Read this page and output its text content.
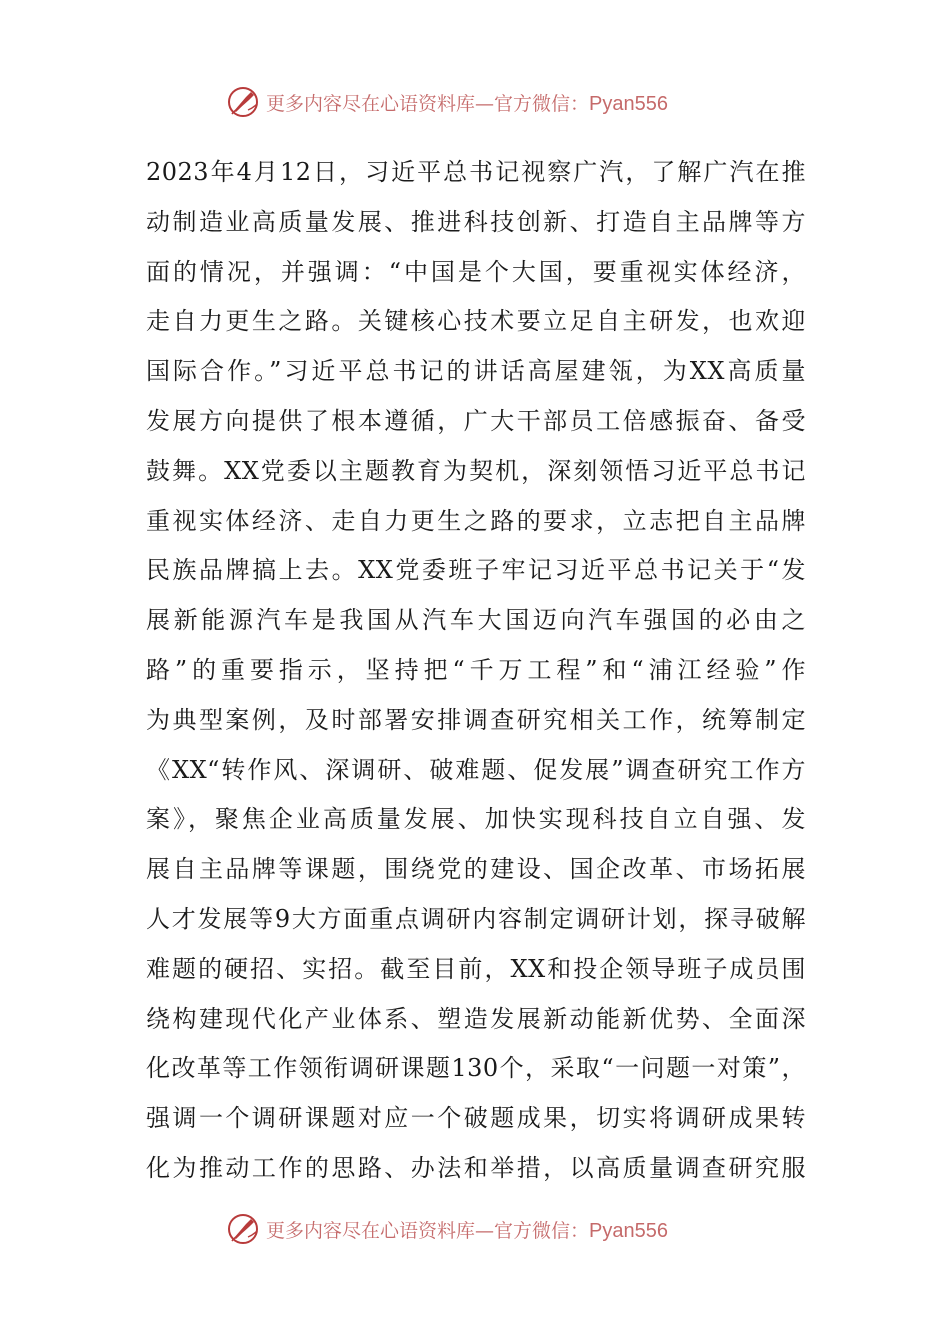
更多内容尽在心语资料库—官方微信：Pyan556
2023年4月12日，习近平总书记视察广汽，了解广汽在推
动制造业高质量发展、推进科技创新、打造自主品牌等方
面的情况，并强调：“中国是个大国，要重视实体经济，
走自力更生之路。关键核心技术要立足自主研发，也欢迎
国际合作。”习近平总书记的讲话高屋建瓴，为XX高质量
发展方向提供了根本遵循，广大干部员工倍感振奋、备受
鼓舞。XX党委以主题教育为契机，深刻领悟习近平总书记
重视实体经济、走自力更生之路的要求，立志把自主品牌
民族品牌搞上去。XX党委班子牢记习近平总书记关于“发
展新能源汽车是我国从汽车大国迈向汽车强国的必由之
路”的重要指示，坚持把“千万工程”和“浦江经验”作
为典型案例，及时部署安排调查研究相关工作，统筹制定
《XX“转作风、深调研、破难题、促发展”调查研究工作方
案》，聚焦企业高质量发展、加快实现科技自立自强、发
展自主品牌等课题，围绕党的建设、国企改革、市场拓展
人才发展等9大方面重点调研内容制定调研计划，探寻破解
难题的硬招、实招。截至目前，XX和投企领导班子成员围
绕构建现代化产业体系、塑造发展新动能新优势、全面深
化改革等工作领衔调研课题130个，采取“一问题一对策”，
强调一个调研课题对应一个破题成果，切实将调研成果转
化为推动工作的思路、办法和举措，以高质量调查研究服
更多内容尽在心语资料库—官方微信：Pyan556
